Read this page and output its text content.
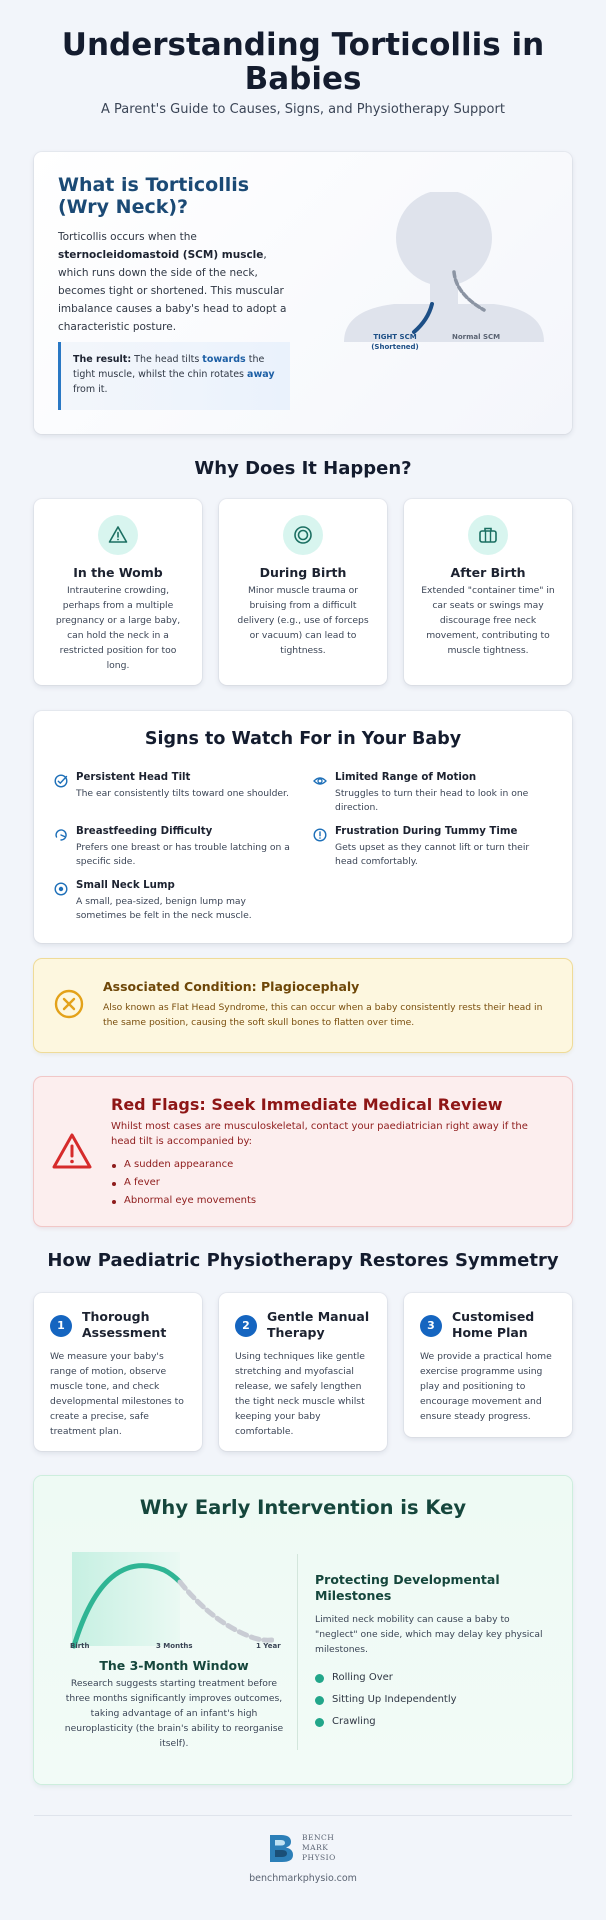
Understanding Torticollis in Babies
A Parent's Guide to Causes, Signs, and Physiotherapy Support
What is Torticollis (Wry Neck)?
Torticollis occurs when the sternocleidomastoid (SCM) muscle, which runs down the side of the neck, becomes tight or shortened. This muscular imbalance causes a baby's head to adopt a characteristic posture.
The result: The head tilts towards the tight muscle, whilst the chin rotates away from it.
TIGHT SCM (Shortened)
Normal SCM
Why Does It Happen?
In the Womb
Intrauterine crowding, perhaps from a multiple pregnancy or a large baby, can hold the neck in a restricted position for too long.
During Birth
Minor muscle trauma or bruising from a difficult delivery (e.g., use of forceps or vacuum) can lead to tightness.
After Birth
Extended "container time" in car seats or swings may discourage free neck movement, contributing to muscle tightness.
Signs to Watch For in Your Baby
Persistent Head Tilt
The ear consistently tilts toward one shoulder.
Limited Range of Motion
Struggles to turn their head to look in one direction.
Breastfeeding Difficulty
Prefers one breast or has trouble latching on a specific side.
Frustration During Tummy Time
Gets upset as they cannot lift or turn their head comfortably.
Small Neck Lump
A small, pea-sized, benign lump may sometimes be felt in the neck muscle.
Associated Condition: Plagiocephaly
Also known as Flat Head Syndrome, this can occur when a baby consistently rests their head in the same position, causing the soft skull bones to flatten over time.
Red Flags: Seek Immediate Medical Review
Whilst most cases are musculoskeletal, contact your paediatrician right away if the head tilt is accompanied by:
A sudden appearance
A fever
Abnormal eye movements
How Paediatric Physiotherapy Restores Symmetry
1
Thorough Assessment
We measure your baby's range of motion, observe muscle tone, and check developmental milestones to create a precise, safe treatment plan.
2
Gentle Manual Therapy
Using techniques like gentle stretching and myofascial release, we safely lengthen the tight neck muscle whilst keeping your baby comfortable.
3
Customised Home Plan
We provide a practical home exercise programme using play and positioning to encourage movement and ensure steady progress.
Why Early Intervention is Key
Birth	3 Months	1 Year
The 3-Month Window
Research suggests starting treatment before three months significantly improves outcomes, taking advantage of an infant's high neuroplasticity (the brain's ability to reorganise itself).
Protecting Developmental Milestones
Limited neck mobility can cause a baby to "neglect" one side, which may delay key physical milestones.
Rolling Over
Sitting Up Independently
Crawling
BENCH
MARK
PHYSIO
benchmarkphysio.com
